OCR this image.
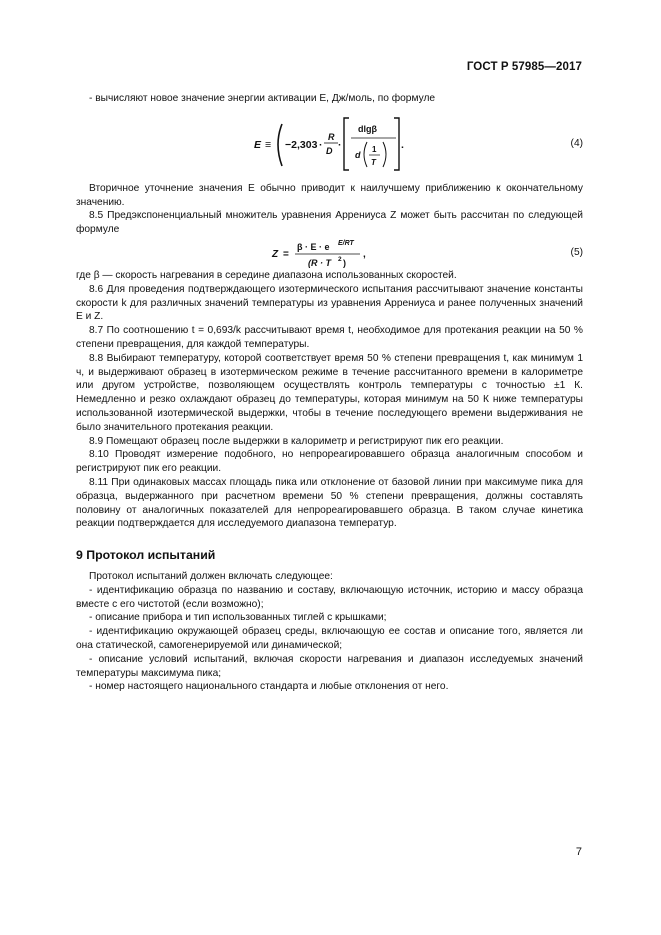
ГОСТ Р 57985—2017

- вычисляют новое значение энергии активации E, Дж/моль, по формуле

E ≡ −2,303 ·
R
D ·
dlgβ
d
1
T
.	(4)

Вторичное уточнение значения E обычно приводит к наилучшему приближению к окончательному значению.

8.5 Предэкспоненциальный множитель уравнения Аррениуса Z может быть рассчитан по следующей формуле

Z =
β · E · e E/RT
(R · T 2 )
,	(5)

где β — скорость нагревания в середине диапазона использованных скоростей.

8.6 Для проведения подтверждающего изотермического испытания рассчитывают значение константы скорости k для различных значений температуры из уравнения Аррениуса и ранее полученных значений E и Z.

8.7 По соотношению t = 0,693/k рассчитывают время t, необходимое для протекания реакции на 50 % степени превращения, для каждой температуры.

8.8 Выбирают температуру, которой соответствует время 50 % степени превращения t, как минимум 1 ч, и выдерживают образец в изотермическом режиме в течение рассчитанного времени в калориметре или другом устройстве, позволяющем осуществлять контроль температуры с точностью ±1 К. Немедленно и резко охлаждают образец до температуры, которая минимум на 50 К ниже температуры использованной изотермической выдержки, чтобы в течение последующего времени выдерживания не было значительного протекания реакции.

8.9 Помещают образец после выдержки в калориметр и регистрируют пик его реакции.

8.10 Проводят измерение подобного, но непрореагировавшего образца аналогичным способом и регистрируют пик его реакции.

8.11 При одинаковых массах площадь пика или отклонение от базовой линии при максимуме пика для образца, выдержанного при расчетном времени 50 % степени превращения, должны составлять половину от аналогичных показателей для непрореагировавшего образца. В таком случае кинетика реакции подтверждается для исследуемого диапазона температур.

9 Протокол испытаний

Протокол испытаний должен включать следующее:

- идентификацию образца по названию и составу, включающую источник, историю и массу образца вместе с его чистотой (если возможно);

- описание прибора и тип использованных тиглей с крышками;

- идентификацию окружающей образец среды, включающую ее состав и описание того, является ли она статической, самогенерируемой или динамической;

- описание условий испытаний, включая скорости нагревания и диапазон исследуемых значений температуры максимума пика;

- номер настоящего национального стандарта и любые отклонения от него.

7
